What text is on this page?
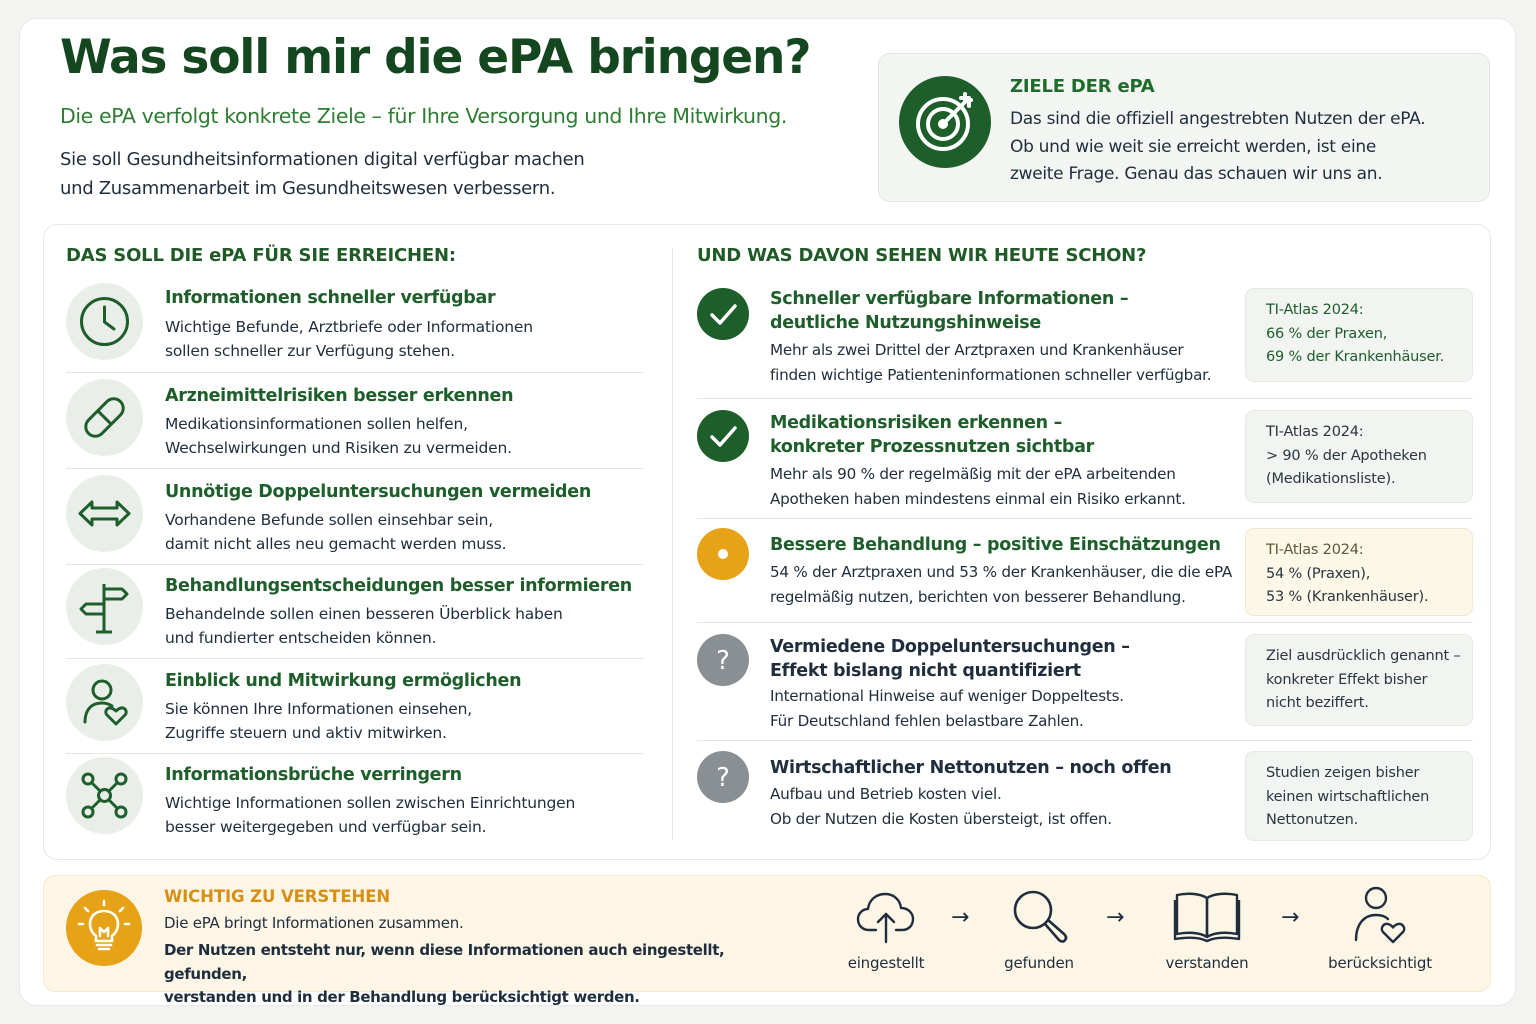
Was soll mir die ePA bringen?
Die ePA verfolgt konkrete Ziele – für Ihre Versorgung und Ihre Mitwirkung.
Sie soll Gesundheitsinformationen digital verfügbar machen
und Zusammenarbeit im Gesundheitswesen verbessern.
ZIELE DER ePA
Das sind die offiziell angestrebten Nutzen der ePA.
Ob und wie weit sie erreicht werden, ist eine
zweite Frage. Genau das schauen wir uns an.
DAS SOLL DIE ePA FÜR SIE ERREICHEN:	UND WAS DAVON SEHEN WIR HEUTE SCHON?
Informationen schneller verfügbar
Wichtige Befunde, Arztbriefe oder Informationen
sollen schneller zur Verfügung stehen.
Arzneimittelrisiken besser erkennen
Medikationsinformationen sollen helfen,
Wechselwirkungen und Risiken zu vermeiden.
Unnötige Doppeluntersuchungen vermeiden
Vorhandene Befunde sollen einsehbar sein,
damit nicht alles neu gemacht werden muss.
Behandlungsentscheidungen besser informieren
Behandelnde sollen einen besseren Überblick haben
und fundierter entscheiden können.
Einblick und Mitwirkung ermöglichen
Sie können Ihre Informationen einsehen,
Zugriffe steuern und aktiv mitwirken.
Informationsbrüche verringern
Wichtige Informationen sollen zwischen Einrichtungen
besser weitergegeben und verfügbar sein.
Schneller verfügbare Informationen –
deutliche Nutzungshinweise
Mehr als zwei Drittel der Arztpraxen und Krankenhäuser
finden wichtige Patienteninformationen schneller verfügbar.
TI-Atlas 2024:
66 % der Praxen,
69 % der Krankenhäuser.
Medikationsrisiken erkennen –
konkreter Prozessnutzen sichtbar
Mehr als 90 % der regelmäßig mit der ePA arbeitenden
Apotheken haben mindestens einmal ein Risiko erkannt.
TI-Atlas 2024:
> 90 % der Apotheken
(Medikationsliste).
Bessere Behandlung – positive Einschätzungen
54 % der Arztpraxen und 53 % der Krankenhäuser, die die ePA
regelmäßig nutzen, berichten von besserer Behandlung.
TI-Atlas 2024:
54 % (Praxen),
53 % (Krankenhäuser).
? Vermiedene Doppeluntersuchungen –
Effekt bislang nicht quantifiziert
International Hinweise auf weniger Doppeltests.
Für Deutschland fehlen belastbare Zahlen.
Ziel ausdrücklich genannt –
konkreter Effekt bisher
nicht beziffert.
? Wirtschaftlicher Nettonutzen – noch offen
Aufbau und Betrieb kosten viel.
Ob der Nutzen die Kosten übersteigt, ist offen.
Studien zeigen bisher
keinen wirtschaftlichen
Nettonutzen.
WICHTIG ZU VERSTEHEN
Die ePA bringt Informationen zusammen.
Der Nutzen entsteht nur, wenn diese Informationen auch eingestellt, gefunden,
verstanden und in der Behandlung berücksichtigt werden.
eingestellt
→
gefunden
→
verstanden
→
berücksichtigt
